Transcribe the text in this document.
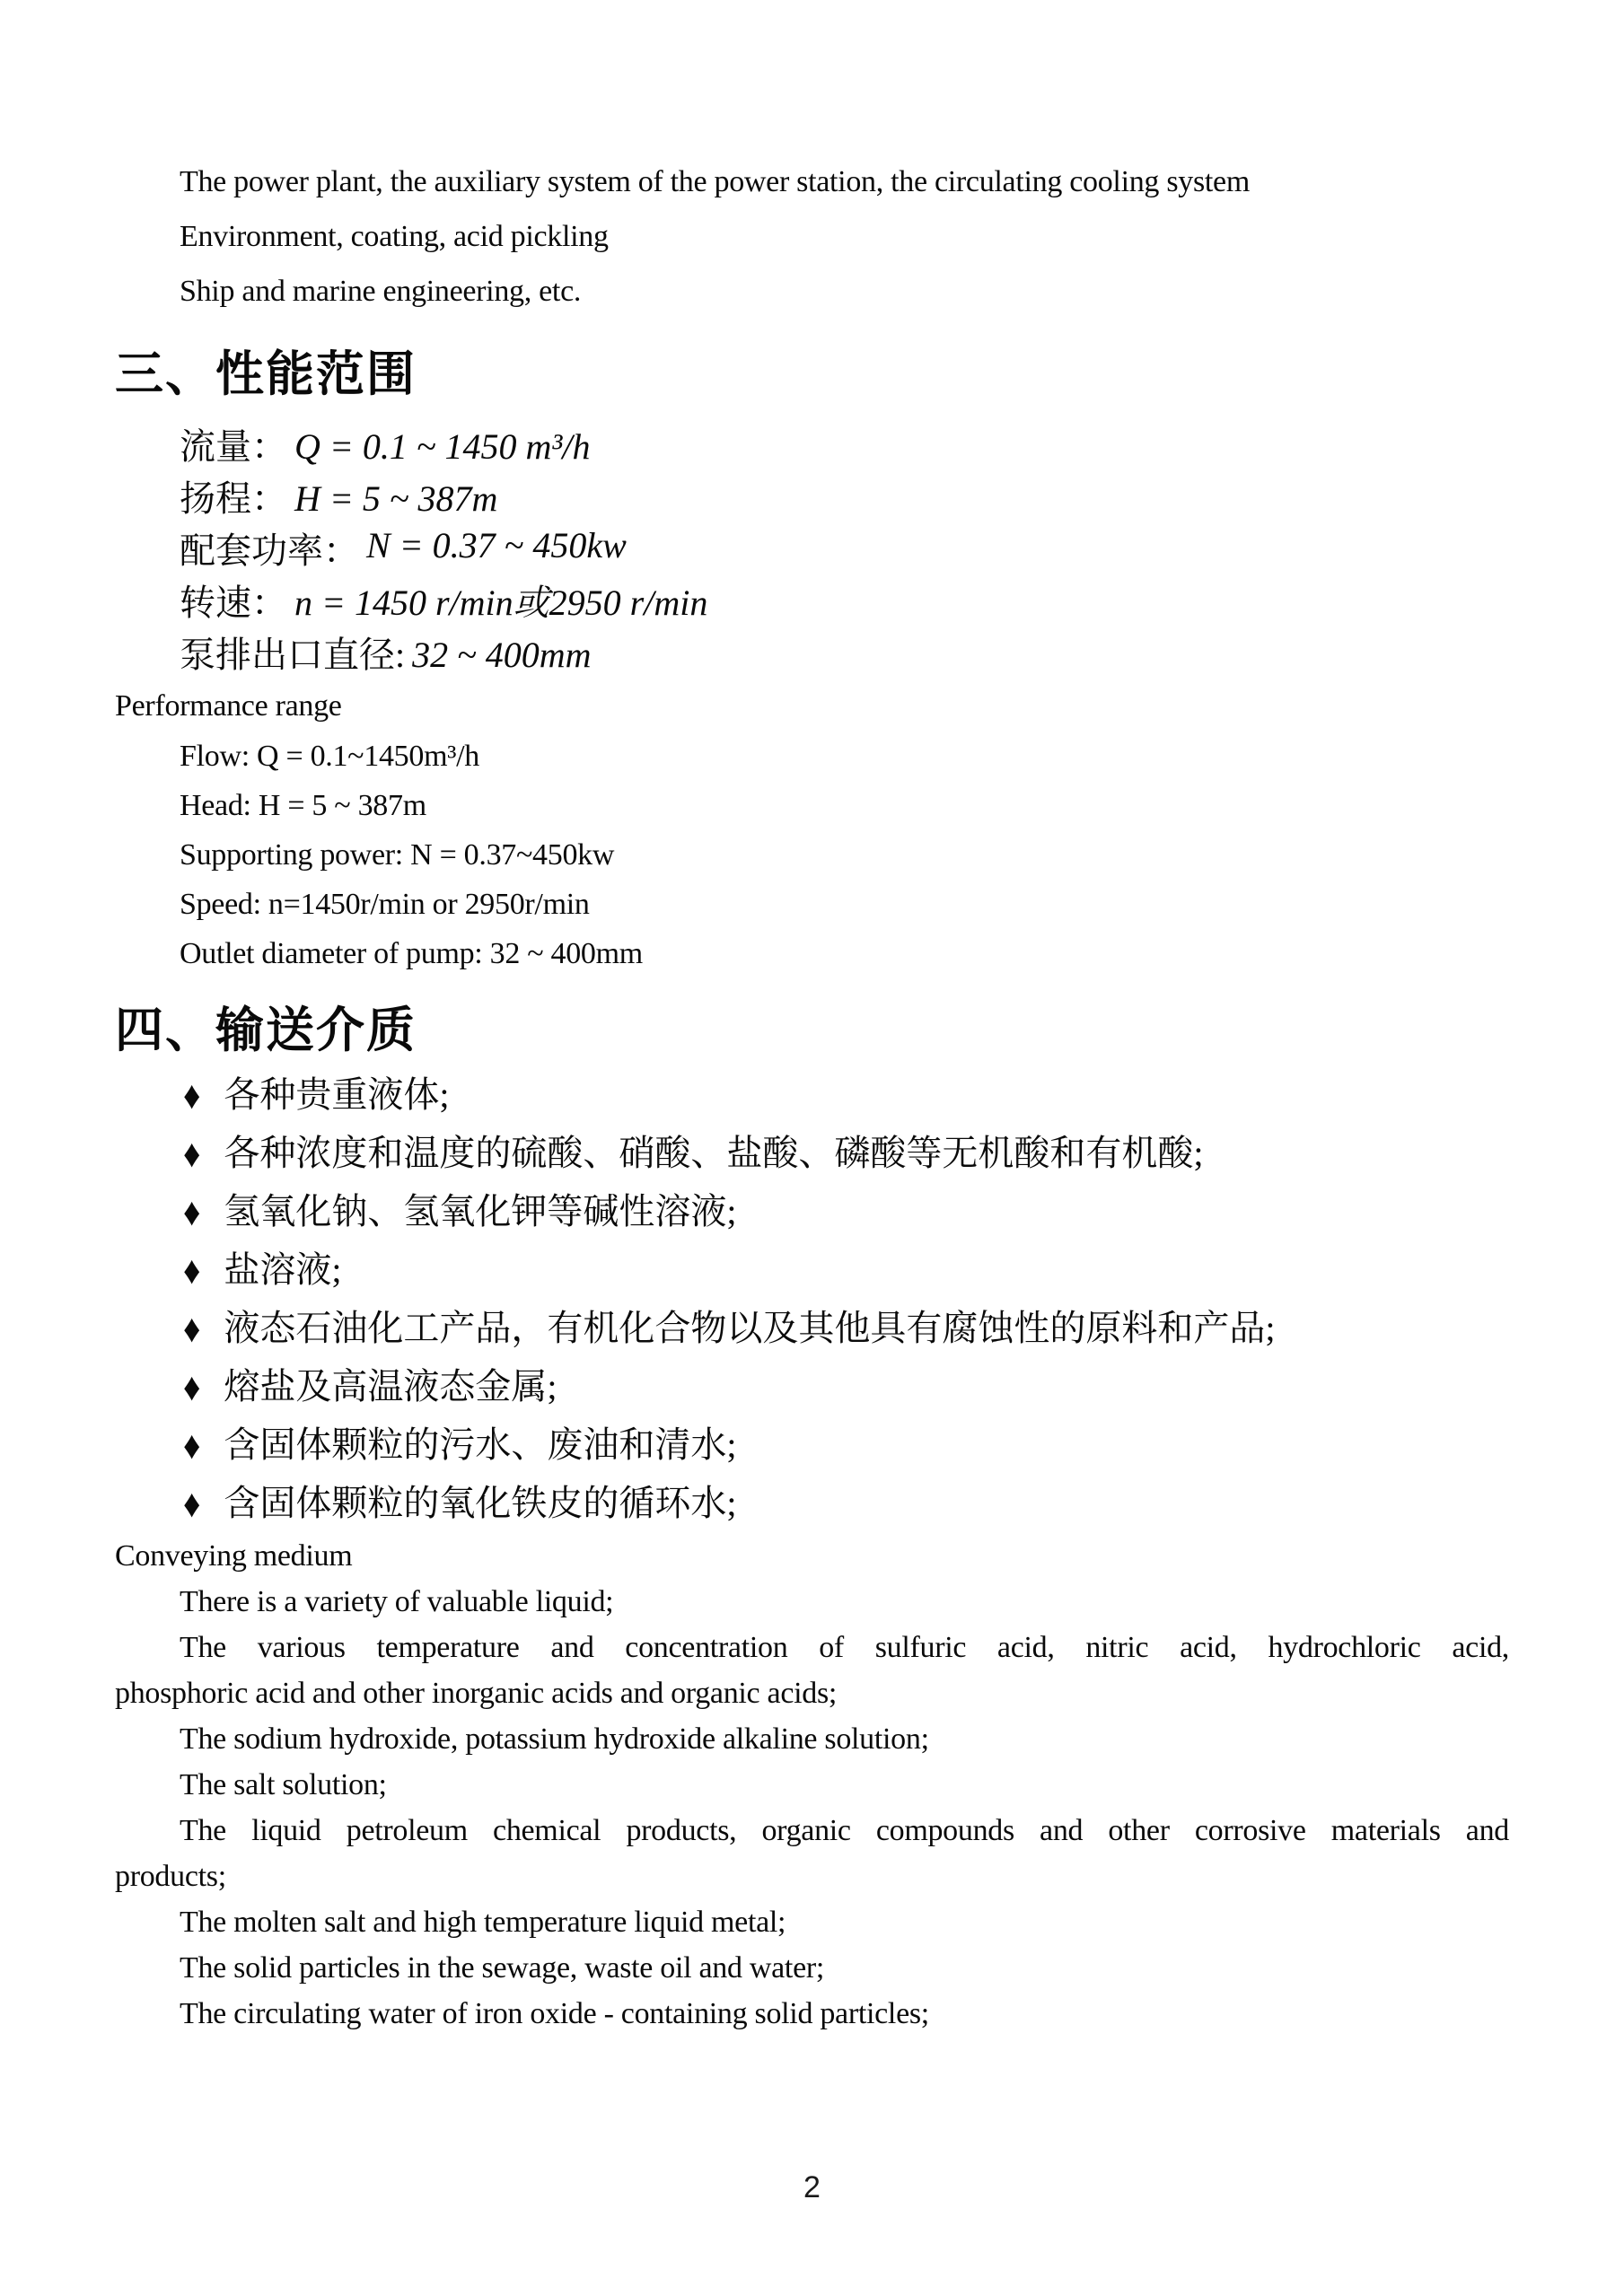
The power plant, the auxiliary system of the power station, the circulating cooling system

Environment, coating, acid pickling

Ship and marine engineering, etc.

三、性能范围

流量： Q = 0.1 ~ 1450 m³/h

扬程： H = 5 ~ 387m

配套功率： N = 0.37 ~ 450kw

转速： n = 1450 r/min或2950 r/min

泵排出口直径: 32 ~ 400mm

Performance range

Flow: Q = 0.1~1450m³/h

Head: H = 5 ~ 387m

Supporting power: N = 0.37~450kw

Speed: n=1450r/min or 2950r/min

Outlet diameter of pump: 32 ~ 400mm

四、输送介质
♦ 各种贵重液体;
♦ 各种浓度和温度的硫酸、硝酸、盐酸、磷酸等无机酸和有机酸;
♦ 氢氧化钠、氢氧化钾等碱性溶液;
♦ 盐溶液;
♦ 液态石油化工产品，有机化合物以及其他具有腐蚀性的原料和产品;
♦ 熔盐及高温液态金属;
♦ 含固体颗粒的污水、废油和清水;
♦ 含固体颗粒的氧化铁皮的循环水;

Conveying medium

There is a variety of valuable liquid;

The various temperature and concentration of sulfuric acid, nitric acid, hydrochloric acid,

phosphoric acid and other inorganic acids and organic acids;

The sodium hydroxide, potassium hydroxide alkaline solution;

The salt solution;

The liquid petroleum chemical products, organic compounds and other corrosive materials and

products;

The molten salt and high temperature liquid metal;

The solid particles in the sewage, waste oil and water;

The circulating water of iron oxide - containing solid particles;

2
